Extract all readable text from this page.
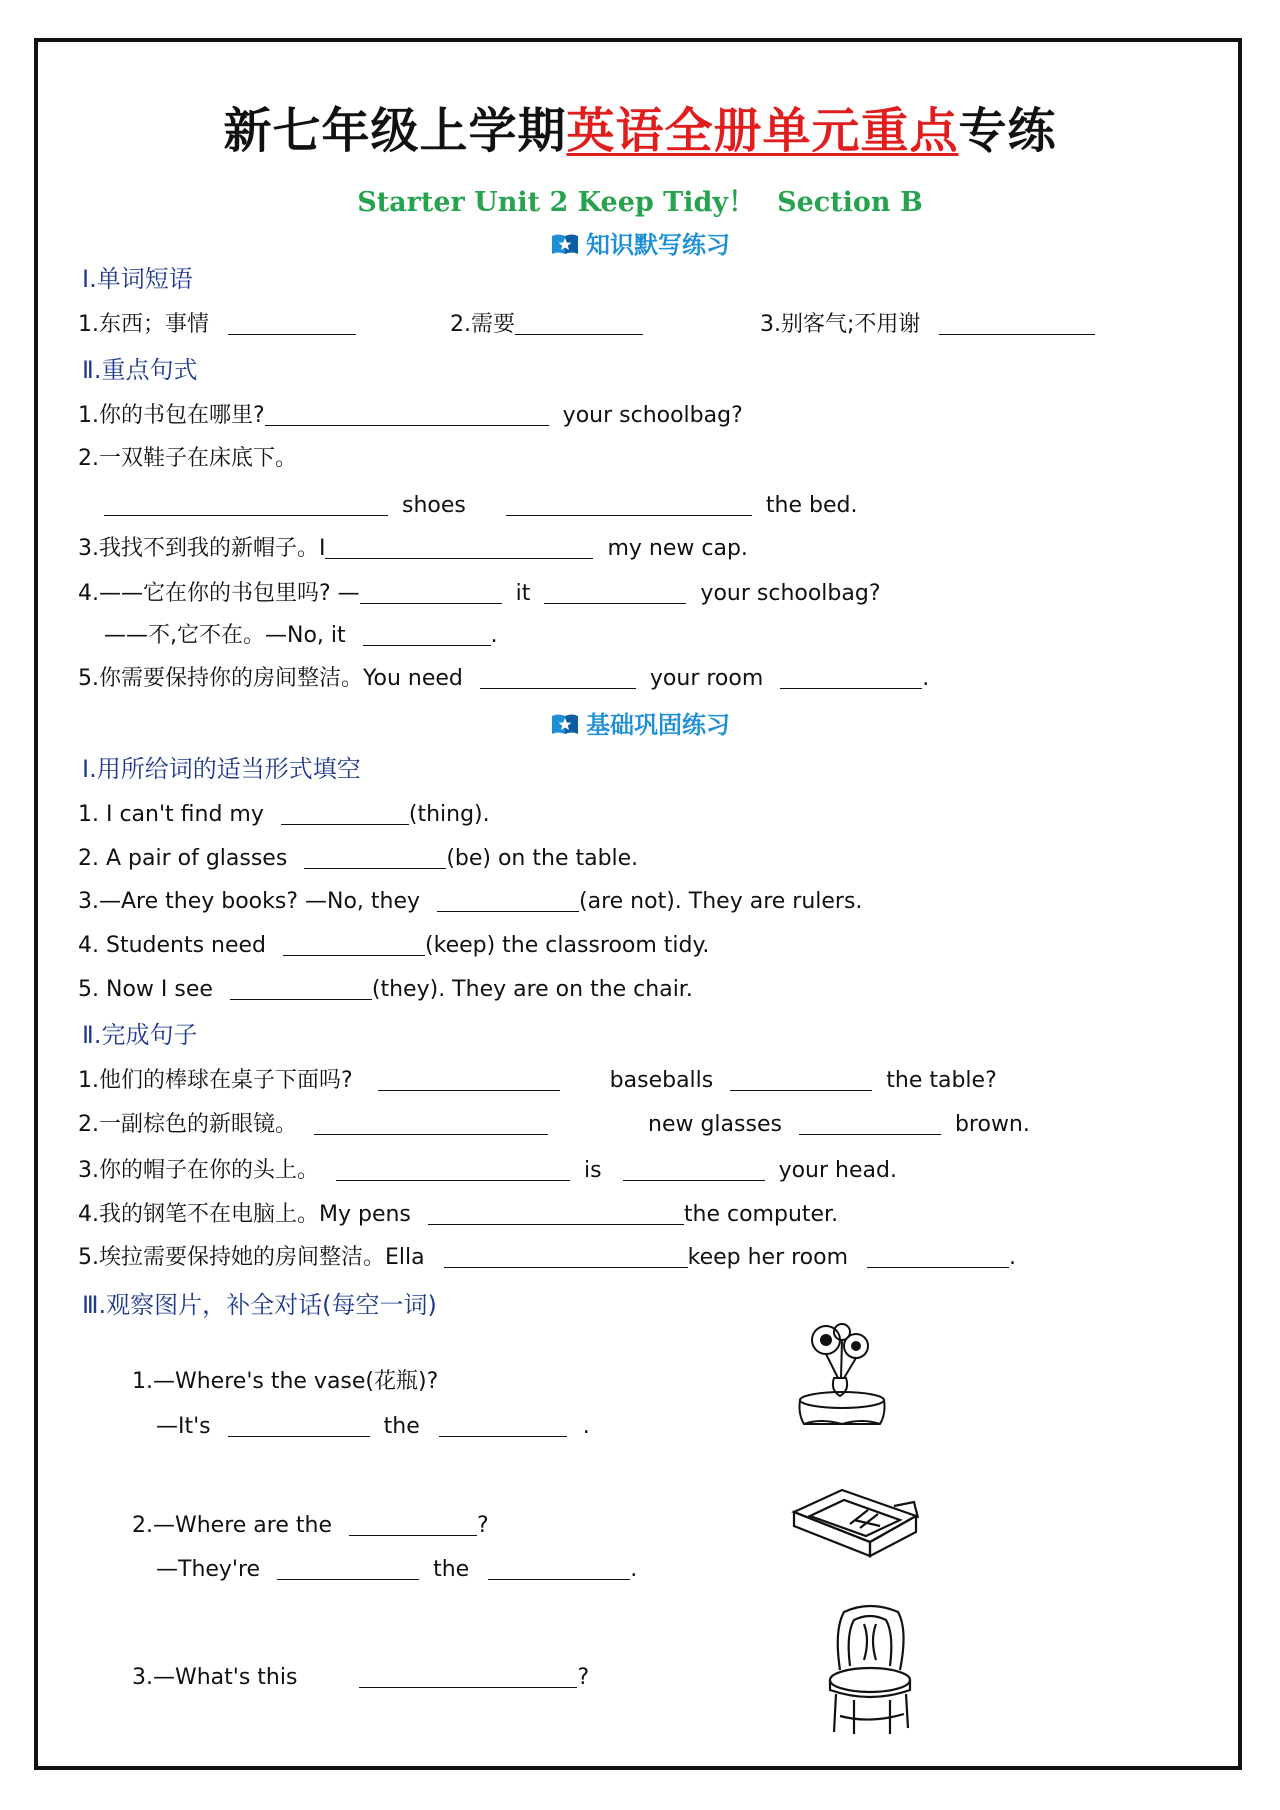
新七年级上学期英语全册单元重点专练
Starter Unit 2 Keep Tidy！ Section B
知识默写练习
Ⅰ.单词短语
1.东西；事情	2.需要	3.别客气;不用谢
Ⅱ.重点句式
1.你的书包在哪里?	your schoolbag?
2.一双鞋子在床底下。
shoes	the bed.
3.我找不到我的新帽子。I	my new cap.
4.——它在你的书包里吗? —	it	your schoolbag?
——不,它不在。—No, it	.
5.你需要保持你的房间整洁。You need	your room	.
基础巩固练习
Ⅰ.用所给词的适当形式填空
1. I can't find my	(thing).
2. A pair of glasses	(be) on the table.
3.—Are they books? —No, they	(are not). They are rulers.
4. Students need	(keep) the classroom tidy.
5. Now I see	(they). They are on the chair.
Ⅱ.完成句子
1.他们的棒球在桌子下面吗?	baseballs	the table?
2.一副棕色的新眼镜。	new glasses	brown.
3.你的帽子在你的头上。	is	your head.
4.我的钢笔不在电脑上。My pens	the computer.
5.埃拉需要保持她的房间整洁。Ella	keep her room	.
Ⅲ.观察图片，补全对话(每空一词)
1.—Where's the vase(花瓶)?
—It's	the	.
2.—Where are the	?
—They're	the	.
3.—What's this	?
